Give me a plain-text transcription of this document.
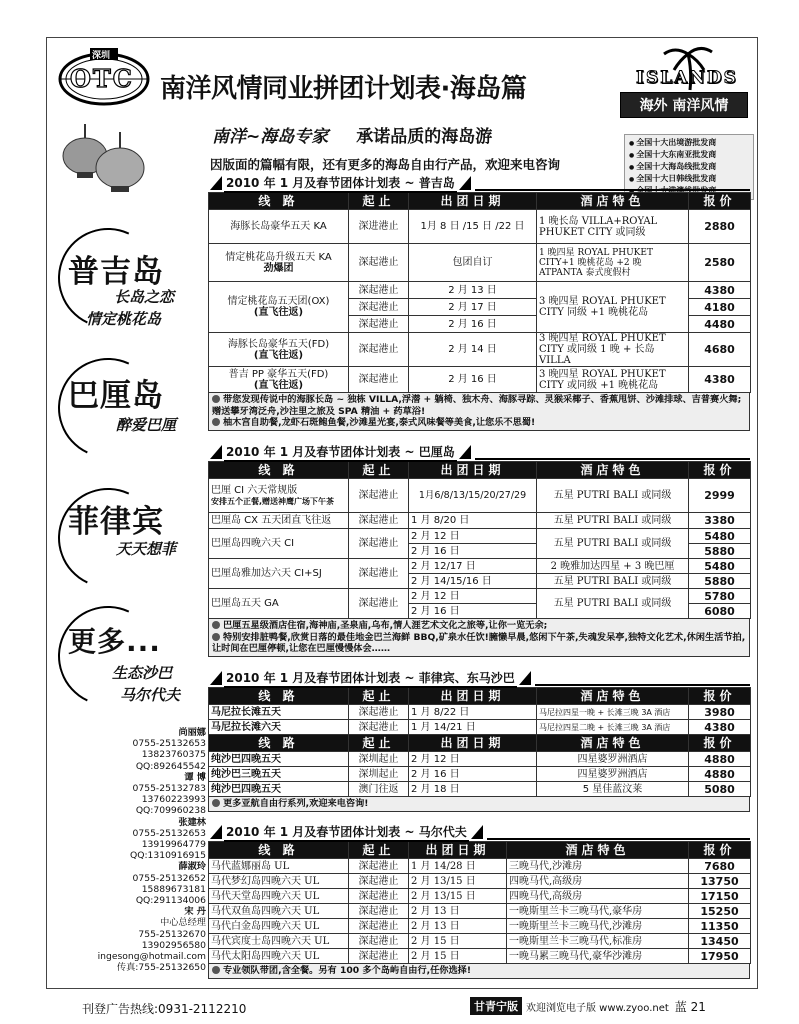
深圳
OTC 南洋风情同业拼团计划表·海岛篇	ISLANDS
海外 南洋风情
南洋~海岛专家 承诺品质的海岛游	● 全国十大出境游批发商
● 全国十大东南亚批发商
● 全国十大海岛线批发商
● 全国十大日韩线批发商
●
因版面的篇幅有限，还有更多的海岛自由行产品，欢迎来电咨询
普吉岛
长岛之恋
情定桃花岛
巴厘岛
醉爱巴厘
菲律宾
天天想菲
更多...
生态沙巴
马尔代夫
尚丽娜
0755-25132653
13823760375
QQ:892645542
谭 博
0755-25132783
13760223993
QQ:709960238
张建林
0755-25132653
13919964779
QQ:1310916915
薛淑玲
0755-25132652
15889673181
QQ:291134006
宋 丹
中心总经理
755-25132670
13902956580
ingesong@hotmail.com
传真:755-25132650
2010 年 1 月及春节团体计划表 ~ 普吉岛
线 路	起止	出团日期	酒店特色	报价
海豚长岛豪华五天 KA	深进港止	1月 8 日 /15 日 /22 日	1 晚长岛 VILLA+ROYAL PHUKET CITY 或同级	2880

情定桃花岛升级五天 KA
劲爆团	深起港止	包团自订	1 晚四星 ROYAL PHUKET CITY+1 晚桃花岛 +2 晚 ATPANTA 泰式度假村	2580

情定桃花岛五天团(OX)
(直飞往返)	深起港止	2 月 13 日	3 晚四星 ROYAL PHUKET CITY 同级 +1 晚桃花岛	4380
	深起港止	2 月 17 日		4180
	深起港止	2 月 16 日		4480

海豚长岛豪华五天(FD)
(直飞往返)	深起港止	2 月 14 日	3 晚四星 ROYAL PHUKET CITY 或同级 1 晚 + 长岛 VILLA	4680

普吉 PP 豪华五天(FD)
(直飞往返)	深起港止	2 月 16 日	3 晚四星 ROYAL PHUKET CITY 或同级 +1 晚桃花岛	4380
带您发现传说中的海豚长岛 ~ 独栋 VILLA,浮潜 + 躺椅、独木舟、海豚寻踪、灵猴采椰子、香蕉甩饼、沙滩排球、吉普赛火舞;赠送攀牙湾泛舟,沙注里之旅及 SPA 精油 + 药草浴!
柚木宫自助餐,龙虾石斑鲍鱼餐,沙滩星光宴,泰式风味餐等美食,让您乐不思蜀!
2010 年 1 月及春节团体计划表 ~ 巴厘岛
线 路	起止	出团日期	酒店特色	报价

巴厘 CI 六天常规版
安排五个正餐,赠送神鹰广场下午茶	深起港止	1月6/8/13/15/20/27/29	五星 PUTRI BALI 或同级	2999
巴厘岛 CX 五天团直飞往返	深起港止	1 月 8/20 日	五星 PUTRI BALI 或同级	3380
巴厘岛四晚六天 CI	深起港止	2 月 12 日	五星 PUTRI BALI 或同级	5480
		2 月 16 日		5880
巴厘岛雅加达六天 CI+SJ	深起港止	2 月 12/17 日	2 晚雅加达四星 + 3 晚巴厘	5480
		2 月 14/15/16 日	五星 PUTRI BALI 或同级	5880
巴厘岛五天 GA	深起港止	2 月 12 日	五星 PUTRI BALI 或同级	5780
		2 月 16 日		6080
巴厘五星级酒店住宿,海神庙,圣泉庙,乌布,情人涯艺术文化之旅等,让你一览无余;
特别安排脏鸭餐,欣赏日落的最佳地金巴兰海鲜 BBQ,矿泉水任饮!臃懒早晨,悠闲下午茶,失魂发呆亭,独特文化艺术,休闲生活节拍,让时间在巴厘停顿,让您在巴厘慢慢体会……
2010 年 1 月及春节团体计划表 ~ 菲律宾、东马沙巴
线 路	起止	出团日期	酒店特色	报价
马尼拉长滩五天	深起港止	1 月 8/22 日	马尼拉四星一晚 + 长滩三晚 3A 酒店	3980
马尼拉长滩六天	深起港止	1 月 14/21 日	马尼拉四星二晚 + 长滩三晚 3A 酒店	4380
线 路	起止	出团日期	酒店特色	报价
纯沙巴四晚五天	深圳起止	2 月 12 日	四星婆罗洲酒店	4880
纯沙巴三晚五天	深圳起止	2 月 16 日	四星婆罗洲酒店	4880
纯沙巴四晚五天	澳门往返	2 月 18 日	5 星佳蓝汶莱	5080
更多亚航自由行系列,欢迎来电咨询!
2010 年 1 月及春节团体计划表 ~ 马尔代夫
线 路	起止	出团日期	酒店特色	报价
马代蓝娜丽岛 UL	深起港止	1 月 14/28 日	三晚马代,沙滩房	7680
马代梦幻岛四晚六天 UL	深起港止	2 月 13/15 日	四晚马代,高级房	13750
马代天堂岛四晚六天 UL	深起港止	2 月 13/15 日	四晚马代,高级房	17150
马代双鱼岛四晚六天 UL	深起港止	2 月 13 日	一晚斯里兰卡三晚马代,豪华房	15250
马代白金岛四晚六天 UL	深起港止	2 月 13 日	一晚斯里兰卡三晚马代,沙滩房	11350
马代宾度士岛四晚六天 UL	深起港止	2 月 15 日	一晚斯里兰卡三晚马代,标准房	13450
马代太阳岛四晚六天 UL	深起港止	2 月 15 日	一晚马累三晚马代,豪华沙滩房	17950
专业领队带团,含全餐。另有 100 多个岛屿自由行,任你选择!
刊登广告热线:0931-2112210	甘青宁版 欢迎浏览电子版 www.zyoo.net 蓝 21
